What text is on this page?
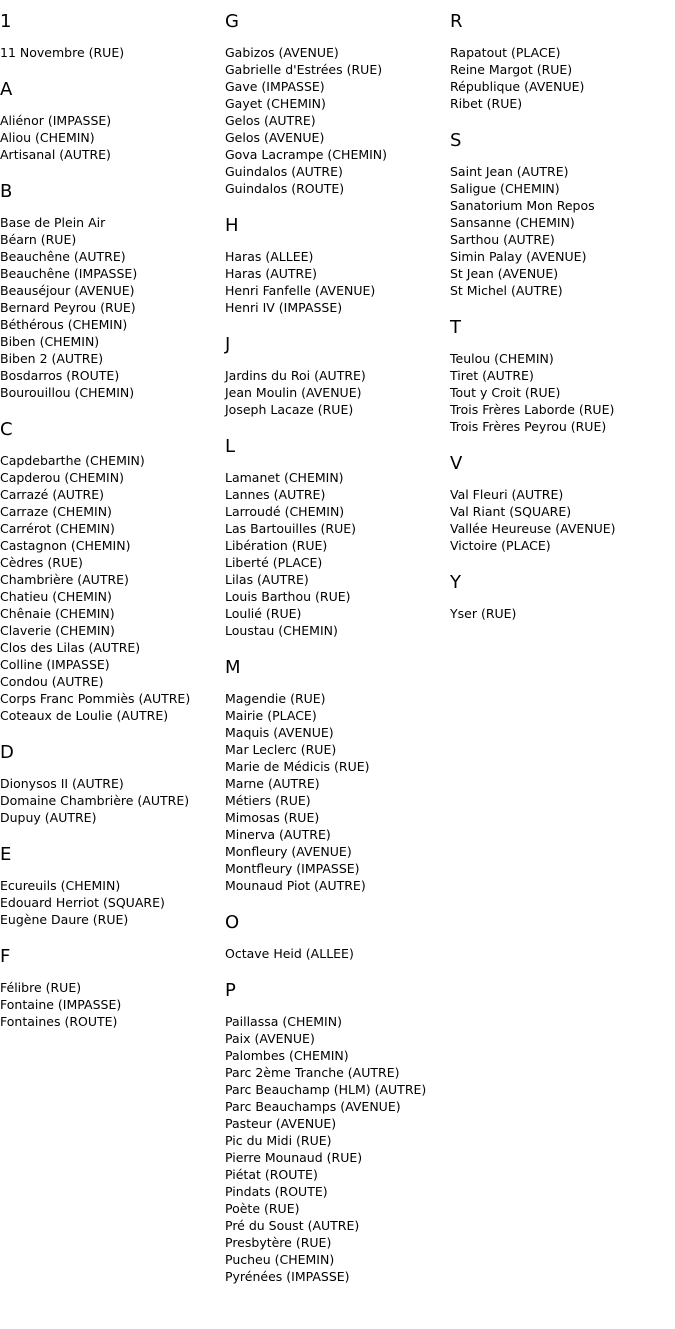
1
11 Novembre (RUE)
A
Aliénor (IMPASSE)
Aliou (CHEMIN)
Artisanal (AUTRE)
B
Base de Plein Air
Béarn (RUE)
Beauchêne (AUTRE)
Beauchêne (IMPASSE)
Beauséjour (AVENUE)
Bernard Peyrou (RUE)
Béthérous (CHEMIN)
Biben (CHEMIN)
Biben 2 (AUTRE)
Bosdarros (ROUTE)
Bourouillou (CHEMIN)
C
Capdebarthe (CHEMIN)
Capderou (CHEMIN)
Carrazé (AUTRE)
Carraze (CHEMIN)
Carrérot (CHEMIN)
Castagnon (CHEMIN)
Cèdres (RUE)
Chambrière (AUTRE)
Chatieu (CHEMIN)
Chênaie (CHEMIN)
Claverie (CHEMIN)
Clos des Lilas (AUTRE)
Colline (IMPASSE)
Condou (AUTRE)
Corps Franc Pommiès (AUTRE)
Coteaux de Loulie (AUTRE)
D
Dionysos II (AUTRE)
Domaine Chambrière (AUTRE)
Dupuy (AUTRE)
E
Ecureuils (CHEMIN)
Edouard Herriot (SQUARE)
Eugène Daure (RUE)
F
Félibre (RUE)
Fontaine (IMPASSE)
Fontaines (ROUTE)
G
Gabizos (AVENUE)
Gabrielle d'Estrées (RUE)
Gave (IMPASSE)
Gayet (CHEMIN)
Gelos (AUTRE)
Gelos (AVENUE)
Gova Lacrampe (CHEMIN)
Guindalos (AUTRE)
Guindalos (ROUTE)
H
Haras (ALLEE)
Haras (AUTRE)
Henri Fanfelle (AVENUE)
Henri IV (IMPASSE)
J
Jardins du Roi (AUTRE)
Jean Moulin (AVENUE)
Joseph Lacaze (RUE)
L
Lamanet (CHEMIN)
Lannes (AUTRE)
Larroudé (CHEMIN)
Las Bartouilles (RUE)
Libération (RUE)
Liberté (PLACE)
Lilas (AUTRE)
Louis Barthou (RUE)
Loulié (RUE)
Loustau (CHEMIN)
M
Magendie (RUE)
Mairie (PLACE)
Maquis (AVENUE)
Mar Leclerc (RUE)
Marie de Médicis (RUE)
Marne (AUTRE)
Métiers (RUE)
Mimosas (RUE)
Minerva (AUTRE)
Monfleury (AVENUE)
Montfleury (IMPASSE)
Mounaud Piot (AUTRE)
O
Octave Heid (ALLEE)
P
Paillassa (CHEMIN)
Paix (AVENUE)
Palombes (CHEMIN)
Parc 2ème Tranche (AUTRE)
Parc Beauchamp (HLM) (AUTRE)
Parc Beauchamps (AVENUE)
Pasteur (AVENUE)
Pic du Midi (RUE)
Pierre Mounaud (RUE)
Piétat (ROUTE)
Pindats (ROUTE)
Poète (RUE)
Pré du Soust (AUTRE)
Presbytère (RUE)
Pucheu (CHEMIN)
Pyrénées (IMPASSE)
R
Rapatout (PLACE)
Reine Margot (RUE)
République (AVENUE)
Ribet (RUE)
S
Saint Jean (AUTRE)
Saligue (CHEMIN)
Sanatorium Mon Repos
Sansanne (CHEMIN)
Sarthou (AUTRE)
Simin Palay (AVENUE)
St Jean (AVENUE)
St Michel (AUTRE)
T
Teulou (CHEMIN)
Tiret (AUTRE)
Tout y Croit (RUE)
Trois Frères Laborde (RUE)
Trois Frères Peyrou (RUE)
V
Val Fleuri (AUTRE)
Val Riant (SQUARE)
Vallée Heureuse (AVENUE)
Victoire (PLACE)
Y
Yser (RUE)
